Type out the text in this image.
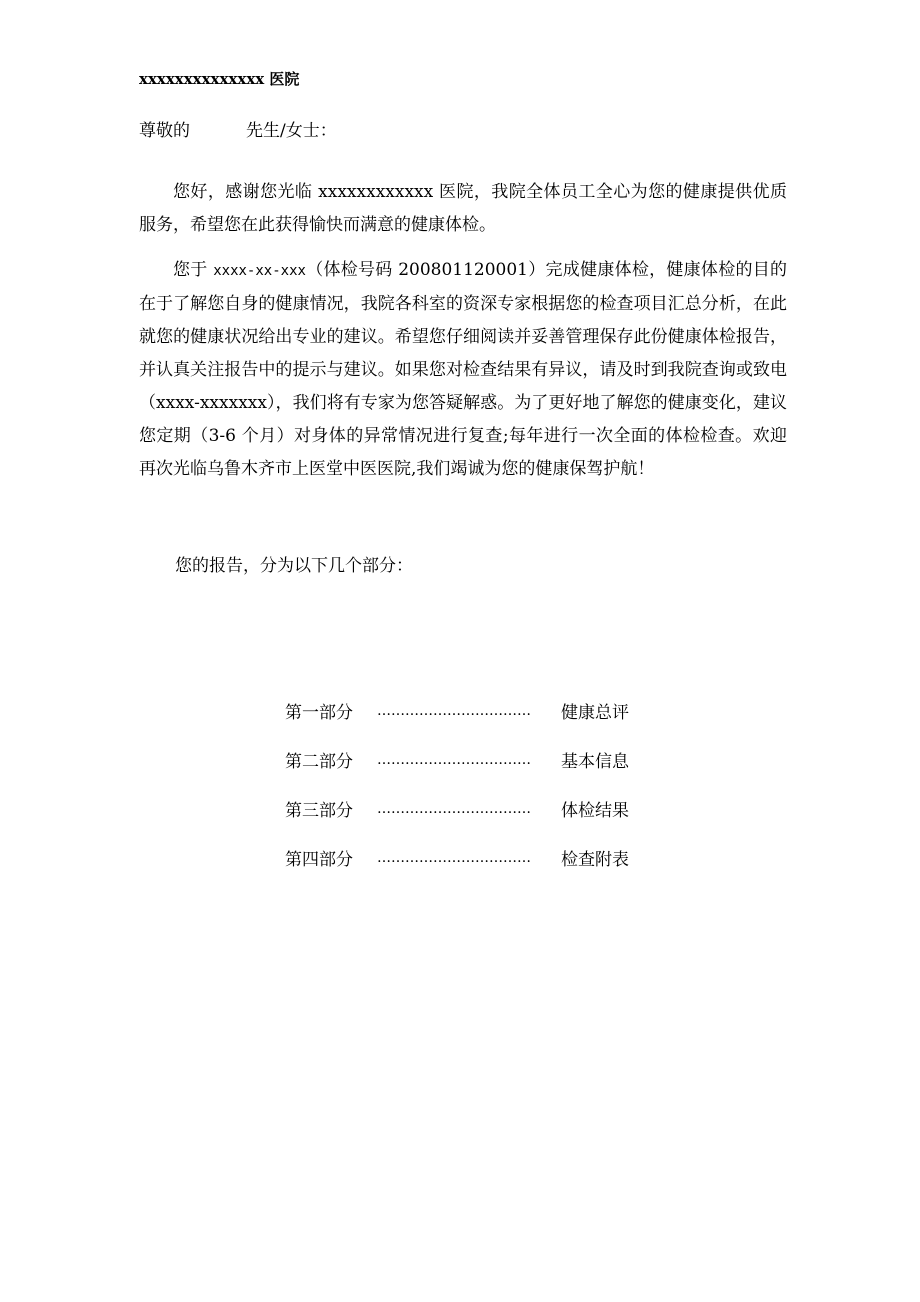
xxxxxxxxxxxxxx 医院
尊敬的	先生/女士：

您好，感谢您光临 xxxxxxxxxxxx 医院，我院全体员工全心为您的健康提供优质服务，希望您在此获得愉快而满意的健康体检。

您于 xxxx-xx-xxx（体检号码 200801120001）完成健康体检，健康体检的目的在于了解您自身的健康情况，我院各科室的资深专家根据您的检查项目汇总分析，在此就您的健康状况给出专业的建议。希望您仔细阅读并妥善管理保存此份健康体检报告，并认真关注报告中的提示与建议。如果您对检查结果有异议，请及时到我院查询或致电（xxxx-xxxxxxx），我们将有专家为您答疑解惑。为了更好地了解您的健康变化，建议您定期（3-6 个月）对身体的异常情况进行复查;每年进行一次全面的体检检查。欢迎再次光临乌鲁木齐市上医堂中医医院,我们竭诚为您的健康保驾护航！

您的报告，分为以下几个部分：

第一部分	……………………………	健康总评
第二部分	……………………………	基本信息
第三部分	……………………………	体检结果
第四部分	……………………………	检查附表
